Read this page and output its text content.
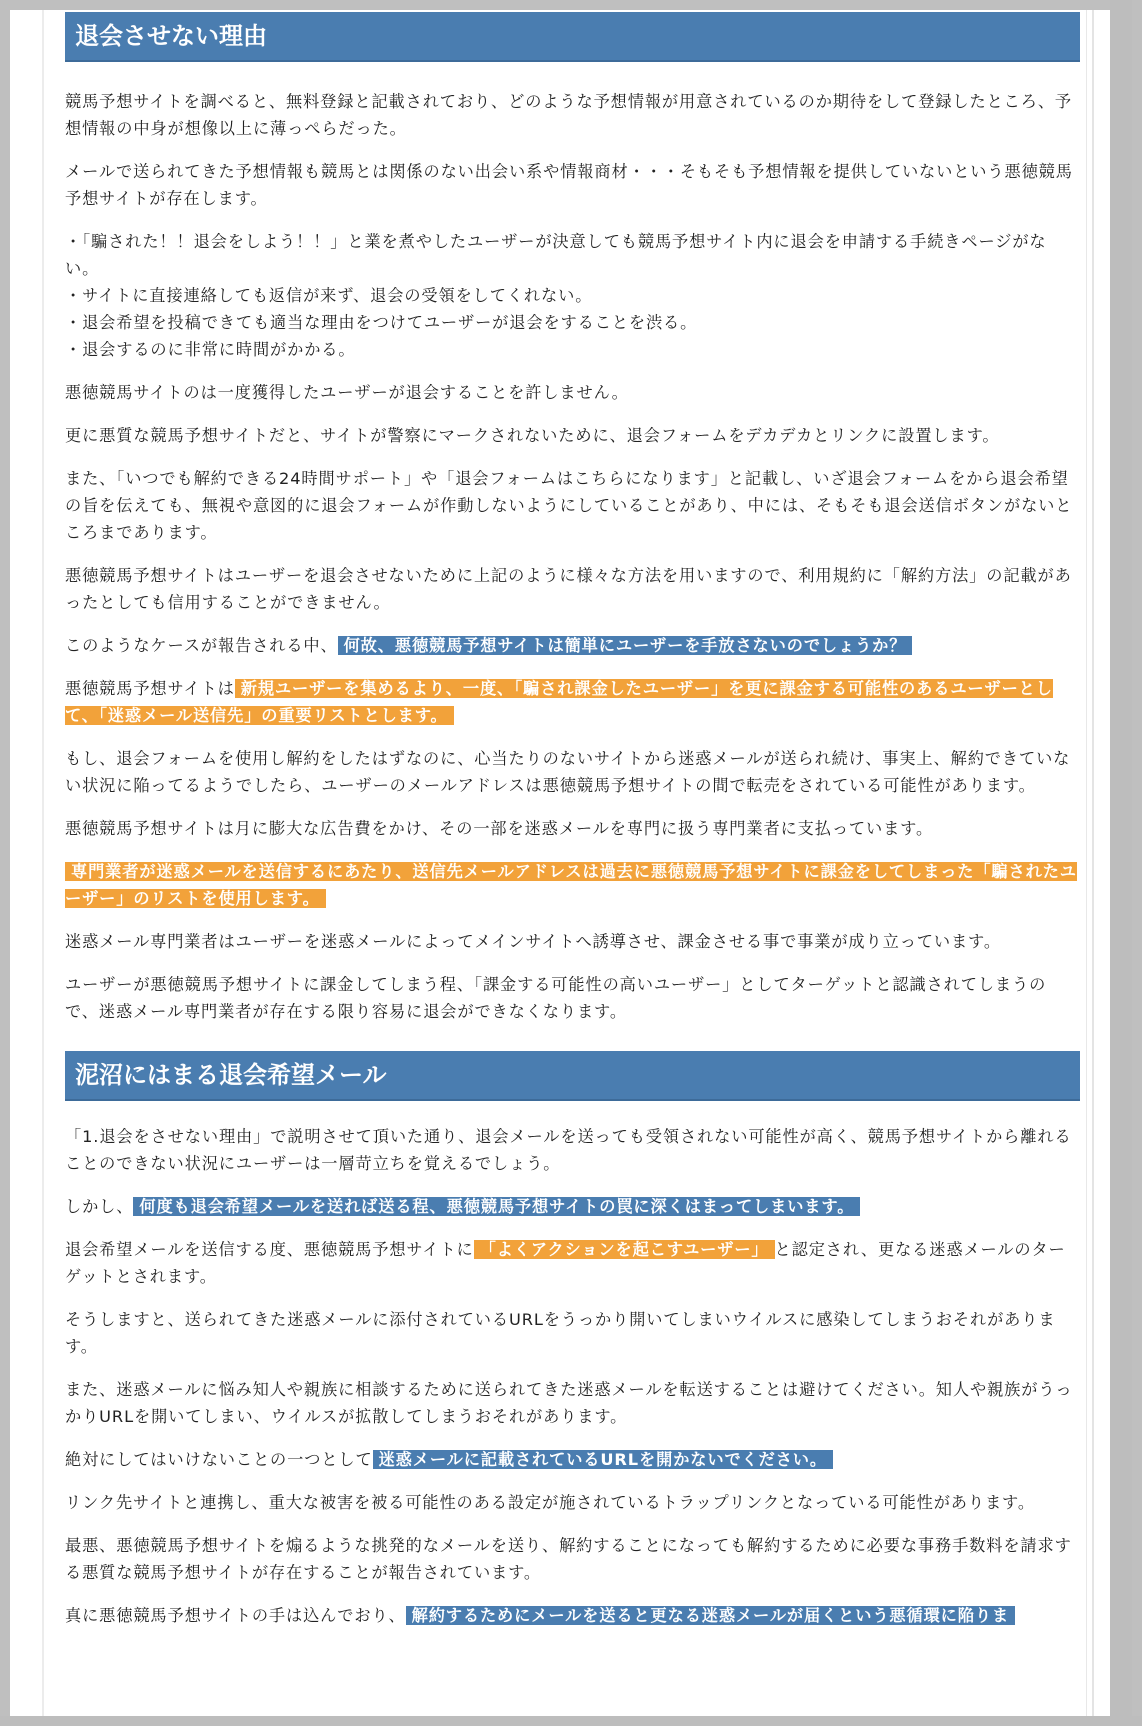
退会させない理由

競馬予想サイトを調べると、無料登録と記載されており、どのような予想情報が用意されているのか期待をして登録したところ、予想情報の中身が想像以上に薄っぺらだった。

メールで送られてきた予想情報も競馬とは関係のない出会い系や情報商材・・・そもそも予想情報を提供していないという悪徳競馬予想サイトが存在します。

・「騙された！！退会をしよう！！」と業を煮やしたユーザーが決意しても競馬予想サイト内に退会を申請する手続きページがない。
・サイトに直接連絡しても返信が来ず、退会の受領をしてくれない。
・退会希望を投稿できても適当な理由をつけてユーザーが退会をすることを渋る。
・退会するのに非常に時間がかかる。

悪徳競馬サイトのは一度獲得したユーザーが退会することを許しません。

更に悪質な競馬予想サイトだと、サイトが警察にマークされないために、退会フォームをデカデカとリンクに設置します。

また、「いつでも解約できる24時間サポート」や「退会フォームはこちらになります」と記載し、いざ退会フォームをから退会希望の旨を伝えても、無視や意図的に退会フォームが作動しないようにしていることがあり、中には、そもそも退会送信ボタンがないところまであります。

悪徳競馬予想サイトはユーザーを退会させないために上記のように様々な方法を用いますので、利用規約に「解約方法」の記載があったとしても信用することができません。

このようなケースが報告される中、 何故、悪徳競馬予想サイトは簡単にユーザーを手放さないのでしょうか？

悪徳競馬予想サイトは 新規ユーザーを集めるより、一度、「騙され課金したユーザー」を更に課金する可能性のあるユーザーとして、「迷惑メール送信先」の重要リストとします。

もし、退会フォームを使用し解約をしたはずなのに、心当たりのないサイトから迷惑メールが送られ続け、事実上、解約できていない状況に陥ってるようでしたら、ユーザーのメールアドレスは悪徳競馬予想サイトの間で転売をされている可能性があります。

悪徳競馬予想サイトは月に膨大な広告費をかけ、その一部を迷惑メールを専門に扱う専門業者に支払っています。

専門業者が迷惑メールを送信するにあたり、送信先メールアドレスは過去に悪徳競馬予想サイトに課金をしてしまった「騙されたユーザー」のリストを使用します。

迷惑メール専門業者はユーザーを迷惑メールによってメインサイトへ誘導させ、課金させる事で事業が成り立っています。

ユーザーが悪徳競馬予想サイトに課金してしまう程、「課金する可能性の高いユーザー」としてターゲットと認識されてしまうので、迷惑メール専門業者が存在する限り容易に退会ができなくなります。

泥沼にはまる退会希望メール

「1.退会をさせない理由」で説明させて頂いた通り、退会メールを送っても受領されない可能性が高く、競馬予想サイトから離れることのできない状況にユーザーは一層苛立ちを覚えるでしょう。

しかし、 何度も退会希望メールを送れば送る程、悪徳競馬予想サイトの罠に深くはまってしまいます。

退会希望メールを送信する度、悪徳競馬予想サイトに 「よくアクションを起こすユーザー」 と認定され、更なる迷惑メールのターゲットとされます。

そうしますと、送られてきた迷惑メールに添付されているURLをうっかり開いてしまいウイルスに感染してしまうおそれがあります。

また、迷惑メールに悩み知人や親族に相談するために送られてきた迷惑メールを転送することは避けてください。知人や親族がうっかりURLを開いてしまい、ウイルスが拡散してしまうおそれがあります。

絶対にしてはいけないことの一つとして 迷惑メールに記載されているURLを開かないでください。

リンク先サイトと連携し、重大な被害を被る可能性のある設定が施されているトラップリンクとなっている可能性があります。

最悪、悪徳競馬予想サイトを煽るような挑発的なメールを送り、解約することになっても解約するために必要な事務手数料を請求する悪質な競馬予想サイトが存在することが報告されています。

真に悪徳競馬予想サイトの手は込んでおり、 解約するためにメールを送ると更なる迷惑メールが届くという悪循環に陥りま
